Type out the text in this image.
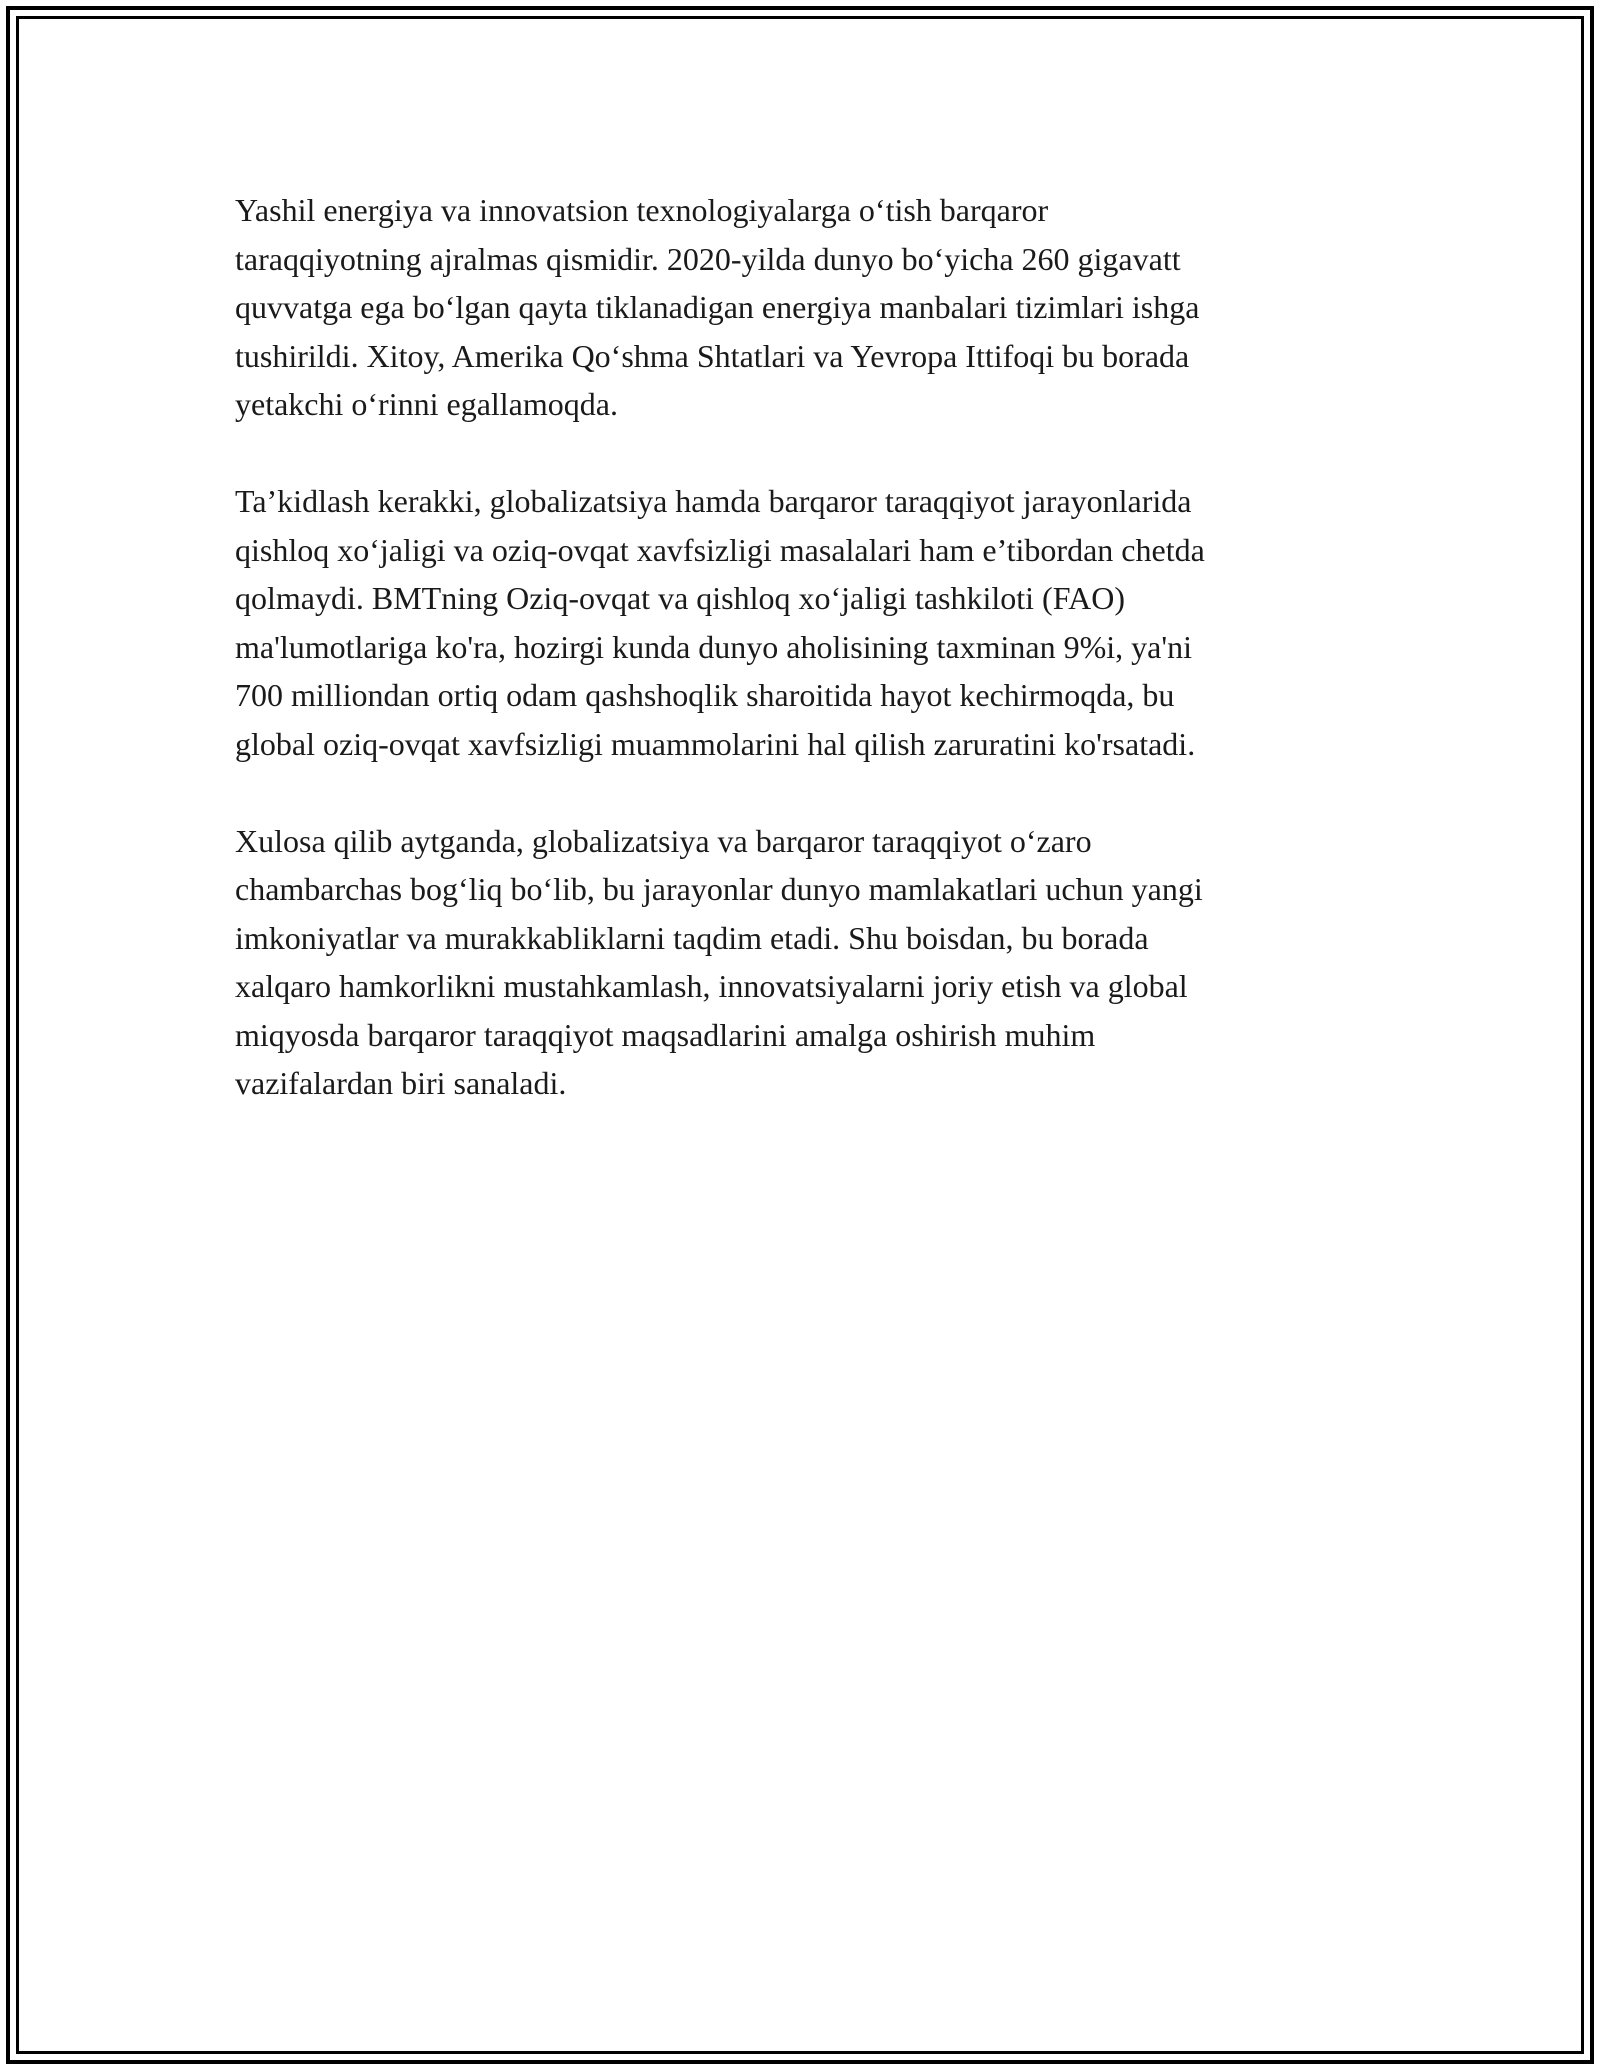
Yashil energiya va innovatsion texnologiyalarga o‘tish barqaror
taraqqiyotning ajralmas qismidir. 2020-yilda dunyo bo‘yicha 260 gigavatt
quvvatga ega bo‘lgan qayta tiklanadigan energiya manbalari tizimlari ishga
tushirildi. Xitoy, Amerika Qo‘shma Shtatlari va Yevropa Ittifoqi bu borada
yetakchi o‘rinni egallamoqda.

Ta’kidlash kerakki, globalizatsiya hamda barqaror taraqqiyot jarayonlarida
qishloq xo‘jaligi va oziq-ovqat xavfsizligi masalalari ham e’tibordan chetda
qolmaydi. BMTning Oziq-ovqat va qishloq xo‘jaligi tashkiloti (FAO)
ma'lumotlariga ko'ra, hozirgi kunda dunyo aholisining taxminan 9%i, ya'ni
700 milliondan ortiq odam qashshoqlik sharoitida hayot kechirmoqda, bu
global oziq-ovqat xavfsizligi muammolarini hal qilish zaruratini ko'rsatadi.

Xulosa qilib aytganda, globalizatsiya va barqaror taraqqiyot o‘zaro
chambarchas bog‘liq bo‘lib, bu jarayonlar dunyo mamlakatlari uchun yangi
imkoniyatlar va murakkabliklarni taqdim etadi. Shu boisdan, bu borada
xalqaro hamkorlikni mustahkamlash, innovatsiyalarni joriy etish va global
miqyosda barqaror taraqqiyot maqsadlarini amalga oshirish muhim
vazifalardan biri sanaladi.
